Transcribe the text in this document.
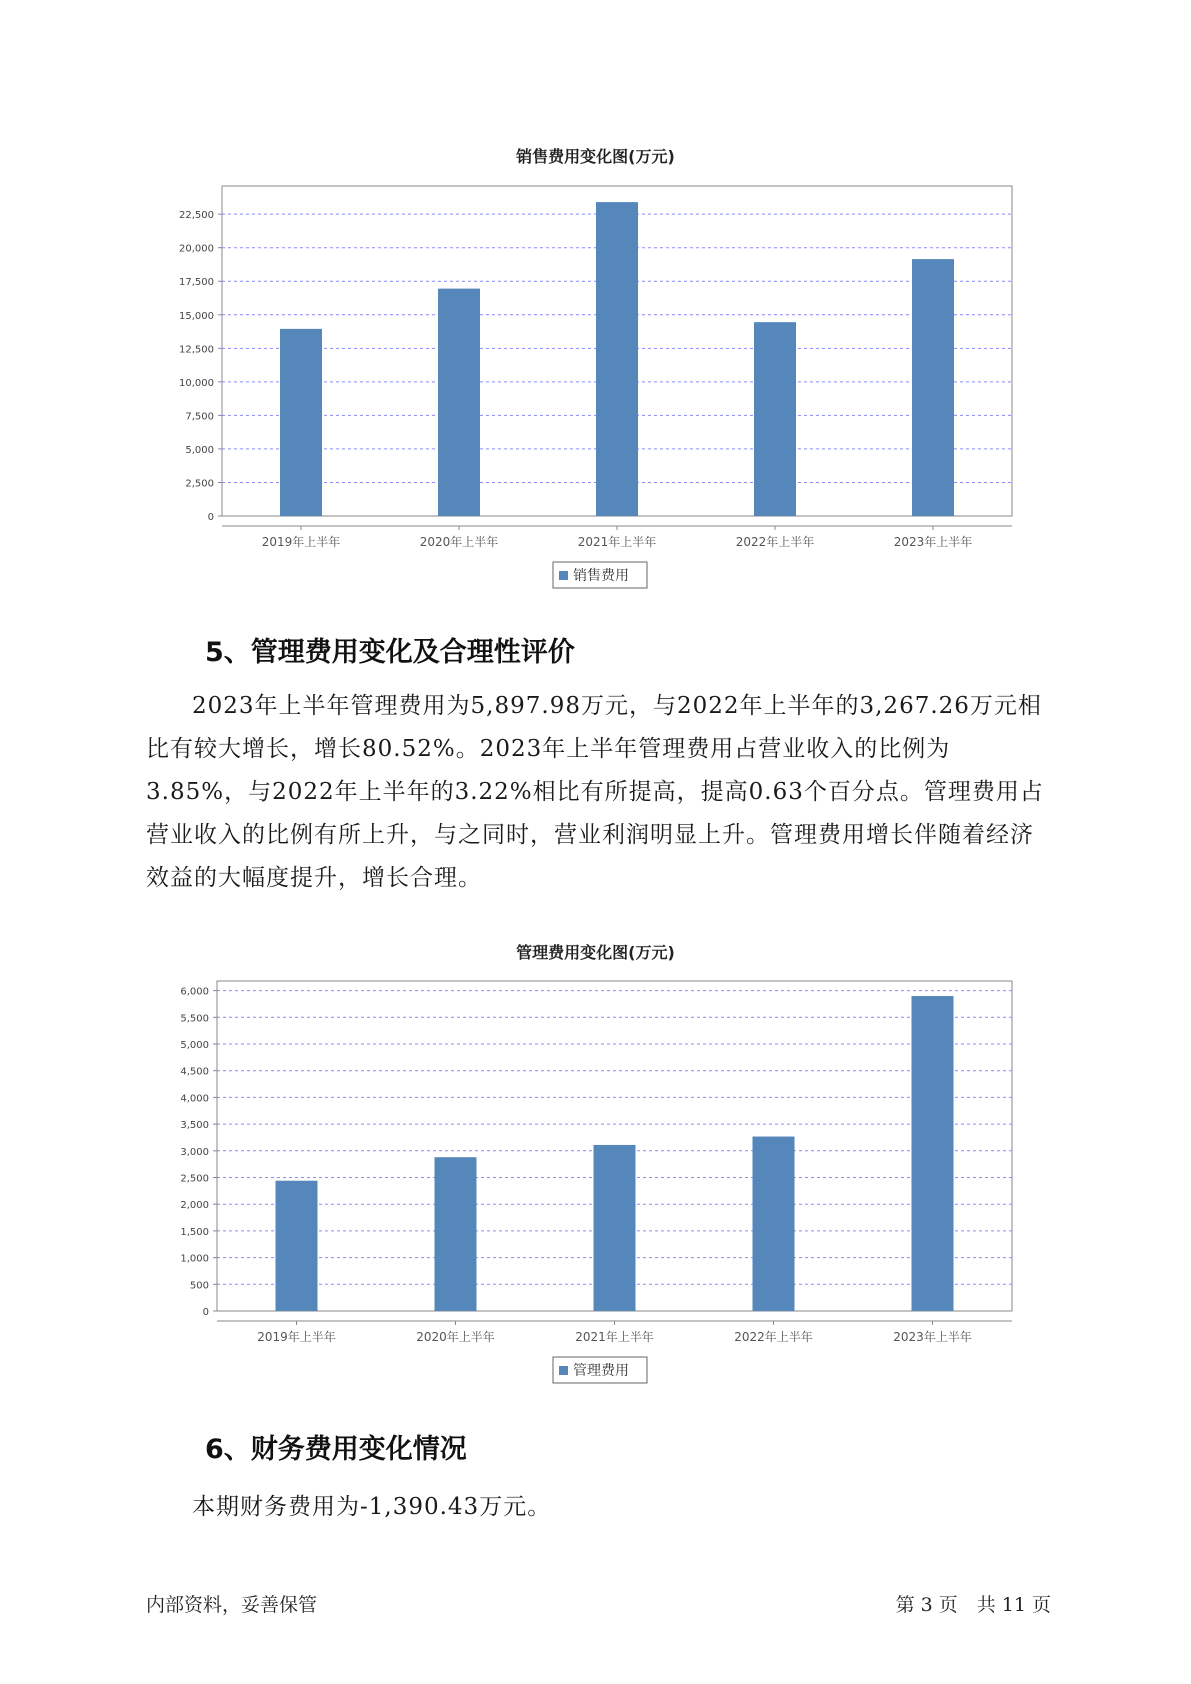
销售费用变化图(万元)
0
2,500
5,000
7,500
10,000
12,500
15,000
17,500
20,000
22,500
2019年上半年	2020年上半年	2021年上半年	2022年上半年	2023年上半年
销售费用
5、管理费用变化及合理性评价

2023年上半年管理费用为5,897.98万元，与2022年上半年的3,267.26万元相比有较大增长，增长80.52%。2023年上半年管理费用占营业收入的比例为3.85%，与2022年上半年的3.22%相比有所提高，提高0.63个百分点。管理费用占营业收入的比例有所上升，与之同时，营业利润明显上升。管理费用增长伴随着经济效益的大幅度提升，增长合理。

管理费用变化图(万元)
0
500
1,000
1,500
2,000
2,500
3,000
3,500
4,000
4,500
5,000
5,500
6,000
2019年上半年	2020年上半年	2021年上半年	2022年上半年	2023年上半年
管理费用
6、财务费用变化情况

本期财务费用为-1,390.43万元。

内部资料，妥善保管	第 3 页　共 11 页
